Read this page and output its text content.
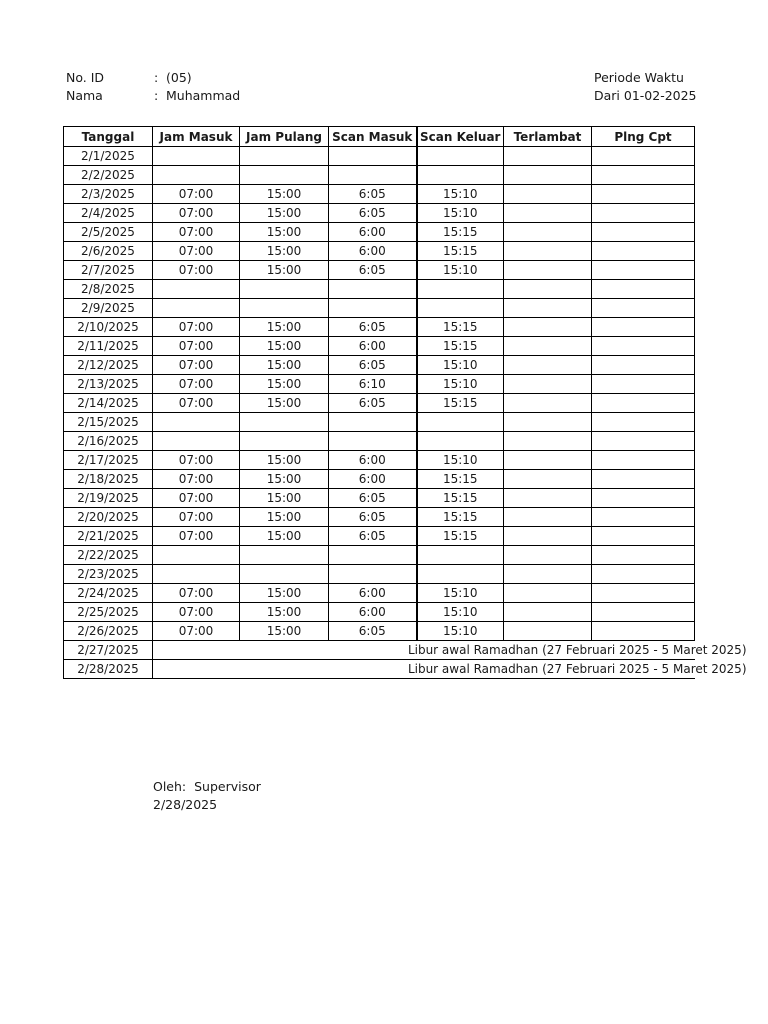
No. ID	: (05)
Nama	: Muhammad
Periode Waktu
Dari 01-02-2025
Tanggal	Jam Masuk	Jam Pulang	Scan Masuk	Scan Keluar	Terlambat	Plng Cpt
2/1/2025						
2/2/2025						
2/3/2025	07:00	15:00	6:05	15:10		
2/4/2025	07:00	15:00	6:05	15:10		
2/5/2025	07:00	15:00	6:00	15:15		
2/6/2025	07:00	15:00	6:00	15:15		
2/7/2025	07:00	15:00	6:05	15:10		
2/8/2025						
2/9/2025						
2/10/2025	07:00	15:00	6:05	15:15		
2/11/2025	07:00	15:00	6:00	15:15		
2/12/2025	07:00	15:00	6:05	15:10		
2/13/2025	07:00	15:00	6:10	15:10		
2/14/2025	07:00	15:00	6:05	15:15		
2/15/2025						
2/16/2025						
2/17/2025	07:00	15:00	6:00	15:10		
2/18/2025	07:00	15:00	6:00	15:15		
2/19/2025	07:00	15:00	6:05	15:15		
2/20/2025	07:00	15:00	6:05	15:15		
2/21/2025	07:00	15:00	6:05	15:15		
2/22/2025						
2/23/2025						
2/24/2025	07:00	15:00	6:00	15:10		
2/25/2025	07:00	15:00	6:00	15:10		
2/26/2025	07:00	15:00	6:05	15:10		
2/27/2025	Libur awal Ramadhan (27 Februari 2025 - 5 Maret 2025)					
2/28/2025	Libur awal Ramadhan (27 Februari 2025 - 5 Maret 2025)					
Oleh: Supervisor
2/28/2025
